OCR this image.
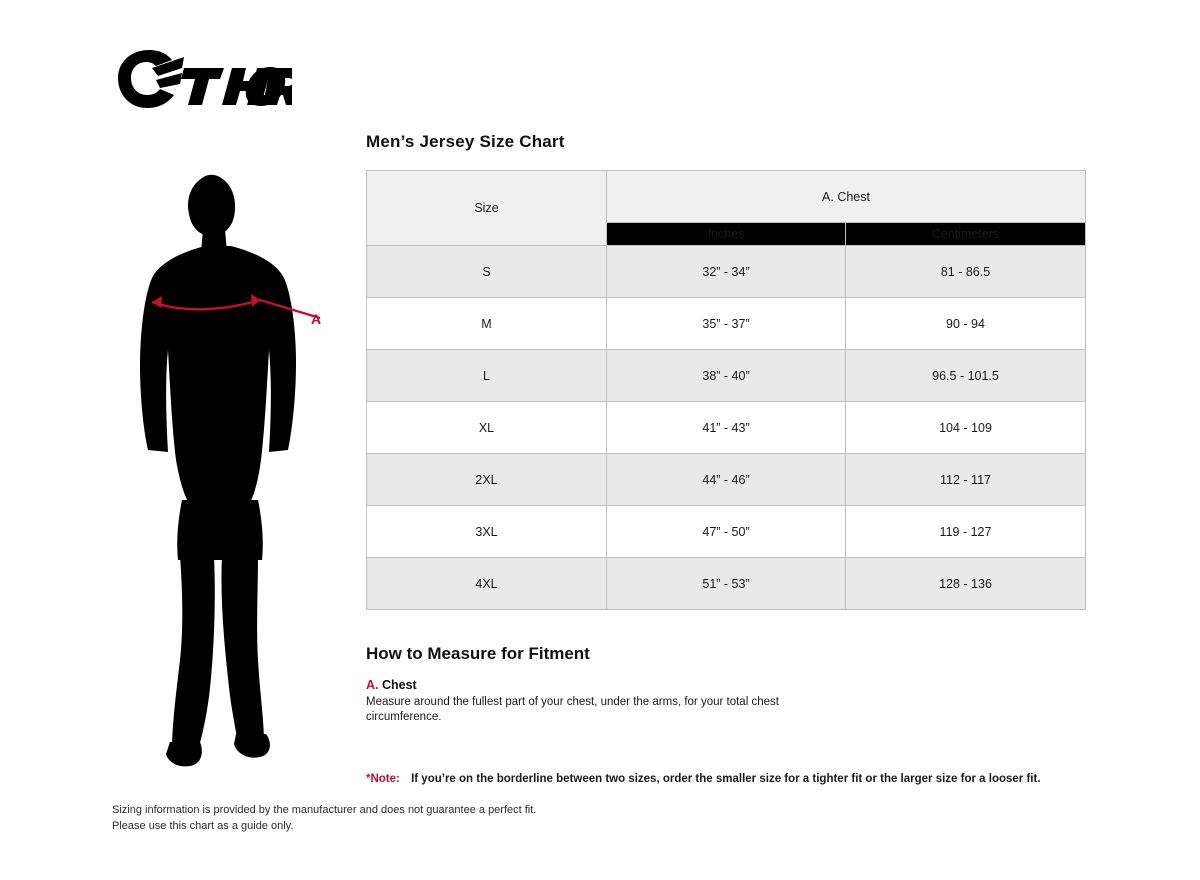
A
Men’s Jersey Size Chart
Size	A. Chest	
	Inches	Centimeters
S	32” - 34”	81 - 86.5
M	35” - 37”	90 - 94
L	38” - 40”	96.5 - 101.5
XL	41” - 43”	104 - 109
2XL	44” - 46”	112 - 117
3XL	47” - 50”	119 - 127
4XL	51” - 53”	128 - 136
How to Measure for Fitment
A. Chest
Measure around the fullest part of your chest, under the arms, for your total chest circumference.
*Note: If you’re on the borderline between two sizes, order the smaller size for a tighter fit or the larger size for a looser fit.
Sizing information is provided by the manufacturer and does not guarantee a perfect fit.
Please use this chart as a guide only.
